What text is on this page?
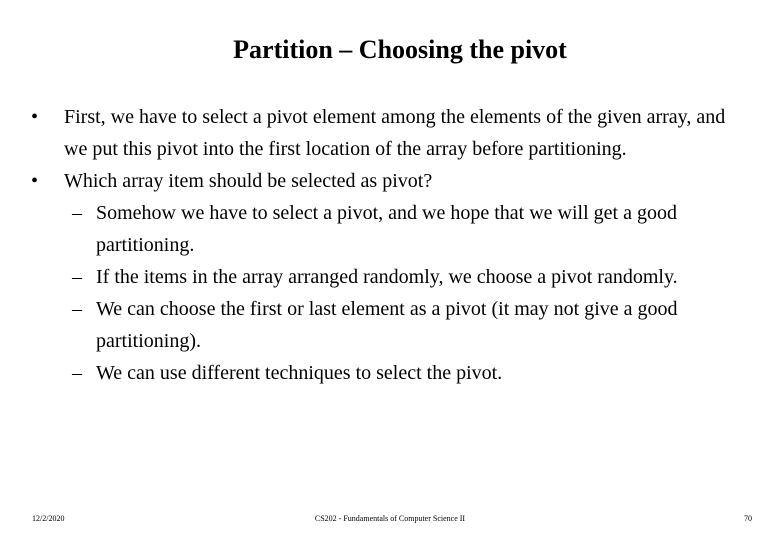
Partition – Choosing the pivot
• First, we have to select a pivot element among the elements of the given array, and we put this pivot into the first location of the array before partitioning.
• Which array item should be selected as pivot?
– Somehow we have to select a pivot, and we hope that we will get a good partitioning.
– If the items in the array arranged randomly, we choose a pivot randomly.
– We can choose the first or last element as a pivot (it may not give a good partitioning).
– We can use different techniques to select the pivot.
12/2/2020	CS202 - Fundamentals of Computer Science II	70
